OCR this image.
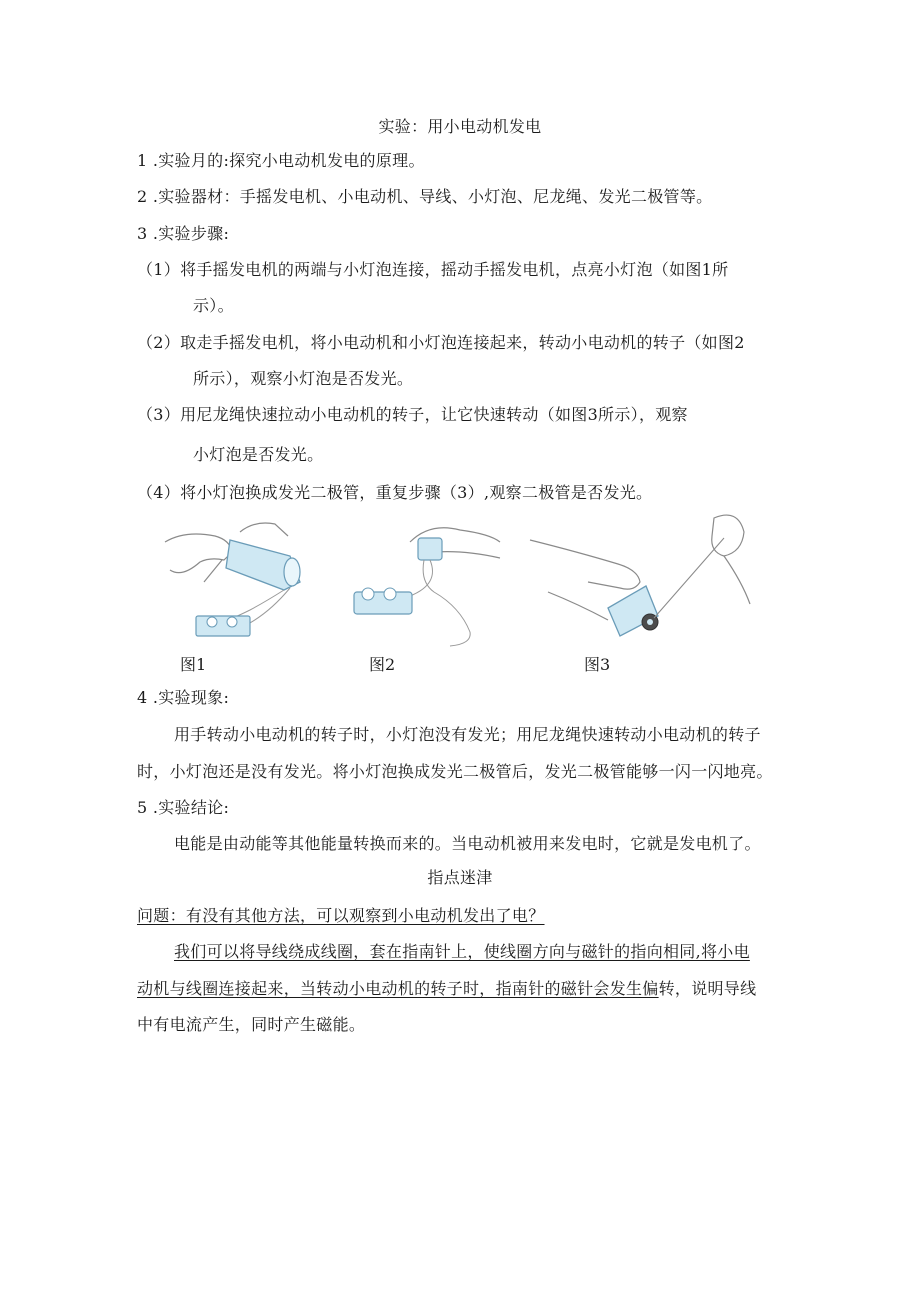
实验：用小电动机发电
1 .实验月的:探究小电动机发电的原理。
2 .实验器材：手摇发电机、小电动机、导线、小灯泡、尼龙绳、发光二极管等。
3 .实验步骤:
（1）将手摇发电机的两端与小灯泡连接，摇动手摇发电机，点亮小灯泡（如图1所
示）。
（2）取走手摇发电机，将小电动机和小灯泡连接起来，转动小电动机的转子（如图2
所示），观察小灯泡是否发光。
（3）用尼龙绳快速拉动小电动机的转子，让它快速转动（如图3所示），观察
小灯泡是否发光。
（4）将小灯泡换成发光二极管，重复步骤（3）,观察二极管是否发光。
图1	图2	图3
4 .实验现象:
用手转动小电动机的转子时，小灯泡没有发光；用尼龙绳快速转动小电动机的转子
时，小灯泡还是没有发光。将小灯泡换成发光二极管后，发光二极管能够一闪一闪地亮。
5 .实验结论:
电能是由动能等其他能量转换而来的。当电动机被用来发电时，它就是发电机了。
指点迷津
问题：有没有其他方法，可以观察到小电动机发出了电？
我们可以将导线绕成线圈，套在指南针上，使线圈方向与磁针的指向相同,将小电
动机与线圈连接起来，当转动小电动机的转子时，指南针的磁针会发生偏转，说明导线
中有电流产生，同时产生磁能。
